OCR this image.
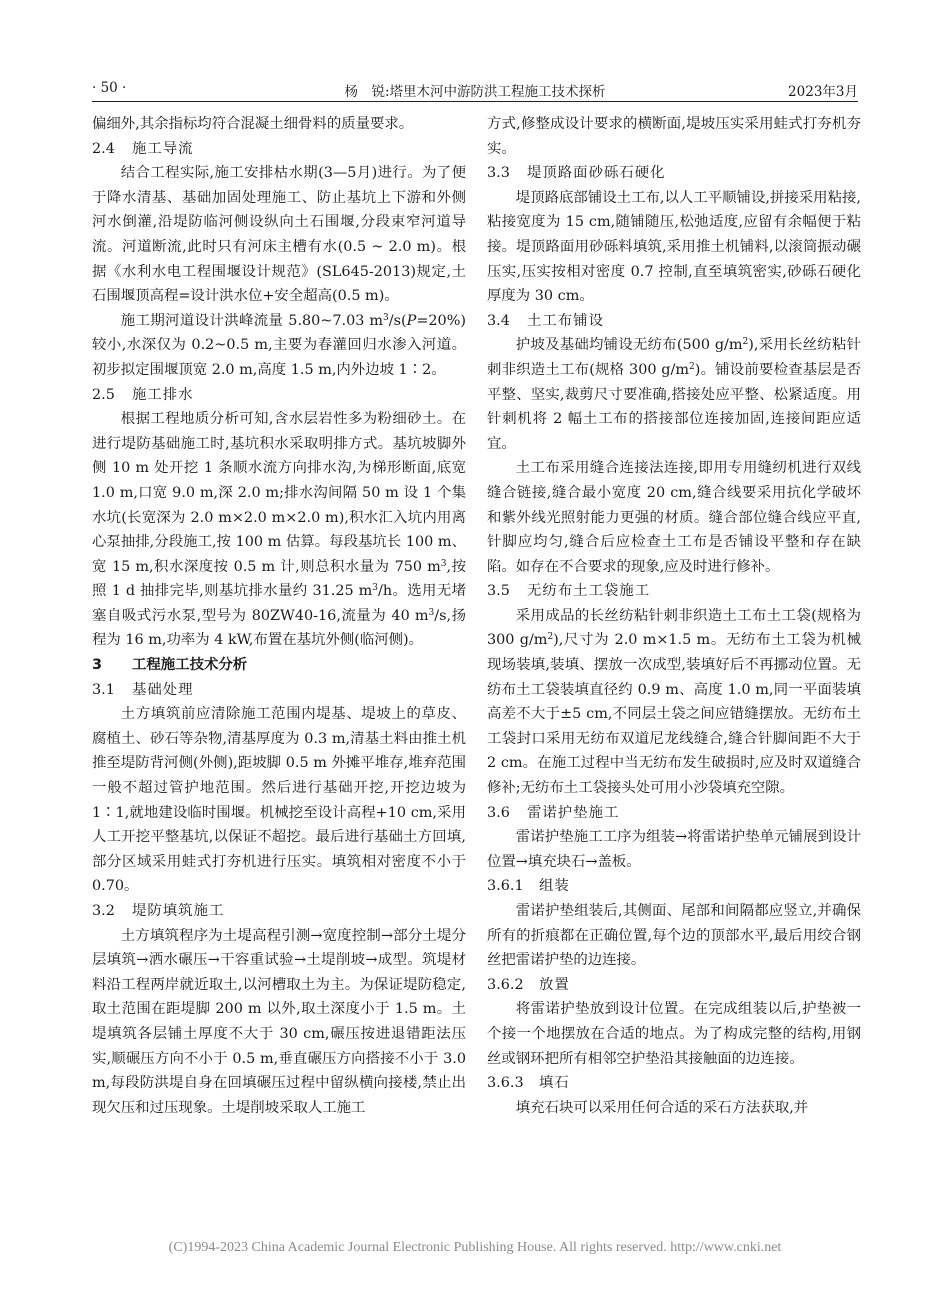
· 50 ·	杨　锐:塔里木河中游防洪工程施工技术探析	2023年3月

偏细外,其余指标均符合混凝土细骨料的质量要求。

2.4 施工导流

结合工程实际,施工安排枯水期(3—5月)进行。为了便于降水清基、基础加固处理施工、防止基坑上下游和外侧河水倒灌,沿堤防临河侧设纵向土石围堰,分段束窄河道导流。河道断流,此时只有河床主槽有水(0.5 ~ 2.0 m)。根据《水利水电工程围堰设计规范》(SL645-2013)规定,土石围堰顶高程=设计洪水位+安全超高(0.5 m)。

施工期河道设计洪峰流量 5.80~7.03 $m^3/s(P=20\%)$较小,水深仅为 0.2~0.5 m,主要为春灌回归水渗入河道。初步拟定围堰顶宽 2.0 m,高度 1.5 m,内外边坡 1∶2。

2.5 施工排水

根据工程地质分析可知,含水层岩性多为粉细砂土。在进行堤防基础施工时,基坑积水采取明排方式。基坑坡脚外侧 10 m 处开挖 1 条顺水流方向排水沟,为梯形断面,底宽 1.0 m,口宽 9.0 m,深 2.0 m;排水沟间隔 50 m 设 1 个集水坑(长宽深为 2.0 m×2.0 m×2.0 m),积水汇入坑内用离心泵抽排,分段施工,按 100 m 估算。每段基坑长 100 m、宽 15 m,积水深度按 0.5 m 计,则总积水量为 750 $m^3$,按照 1 d 抽排完毕,则基坑排水量约 31.25 $m^3/h$。选用无堵塞自吸式污水泵,型号为 80ZW40-16,流量为 40 $m^3/s$,扬程为 16 m,功率为 4 kW,布置在基坑外侧(临河侧)。

3 工程施工技术分析
3.1 基础处理

土方填筑前应清除施工范围内堤基、堤坡上的草皮、腐植土、砂石等杂物,清基厚度为 0.3 m,清基土料由推土机推至堤防背河侧(外侧),距坡脚 0.5 m 外摊平堆存,堆弃范围一般不超过管护地范围。然后进行基础开挖,开挖边坡为 1∶1,就地建设临时围堰。机械挖至设计高程+10 cm,采用人工开挖平整基坑,以保证不超挖。最后进行基础土方回填,部分区域采用蛙式打夯机进行压实。填筑相对密度不小于 0.70。

3.2 堤防填筑施工

土方填筑程序为土堤高程引测→宽度控制→部分土堤分层填筑→洒水碾压→干容重试验→土堤削坡→成型。筑堤材料沿工程两岸就近取土,以河槽取土为主。为保证堤防稳定,取土范围在距堤脚 200 m 以外,取土深度小于 1.5 m。土堤填筑各层铺土厚度不大于 30 cm,碾压按进退错距法压实,顺碾压方向不小于 0.5 m,垂直碾压方向搭接不小于 3.0 m,每段防洪堤自身在回填碾压过程中留纵横向接楼,禁止出现欠压和过压现象。土堤削坡采取人工施工

方式,修整成设计要求的横断面,堤坡压实采用蛙式打夯机夯实。

3.3 堤顶路面砂砾石硬化

堤顶路底部铺设土工布,以人工平顺铺设,拼接采用粘接,粘接宽度为 15 cm,随铺随压,松弛适度,应留有余幅便于粘接。堤顶路面用砂砾料填筑,采用推土机铺料,以滚筒振动碾压实,压实按相对密度 0.7 控制,直至填筑密实,砂砾石硬化厚度为 30 cm。

3.4 土工布铺设

护坡及基础均铺设无纺布(500 $g/m^2$),采用长丝纺粘针刺非织造土工布(规格 300 $g/m^2$)。铺设前要检查基层是否平整、坚实,裁剪尺寸要准确,搭接处应平整、松紧适度。用针刺机将 2 幅土工布的搭接部位连接加固,连接间距应适宜。

土工布采用缝合连接法连接,即用专用缝纫机进行双线缝合链接,缝合最小宽度 20 cm,缝合线要采用抗化学破坏和紫外线光照射能力更强的材质。缝合部位缝合线应平直,针脚应均匀,缝合后应检查土工布是否铺设平整和存在缺陷。如存在不合要求的现象,应及时进行修补。

3.5 无纺布土工袋施工

采用成品的长丝纺粘针刺非织造土工布土工袋(规格为 300 $g/m^2$),尺寸为 2.0 m×1.5 m。无纺布土工袋为机械现场装填,装填、摆放一次成型,装填好后不再挪动位置。无纺布土工袋装填直径约 0.9 m、高度 1.0 m,同一平面装填高差不大于±5 cm,不同层土袋之间应错缝摆放。无纺布土工袋封口采用无纺布双道尼龙线缝合,缝合针脚间距不大于 2 cm。在施工过程中当无纺布发生破损时,应及时双道缝合修补;无纺布土工袋接头处可用小沙袋填充空隙。

3.6 雷诺护垫施工

雷诺护垫施工工序为组装→将雷诺护垫单元铺展到设计位置→填充块石→盖板。

3.6.1 组装

雷诺护垫组装后,其侧面、尾部和间隔都应竖立,并确保所有的折痕都在正确位置,每个边的顶部水平,最后用绞合钢丝把雷诺护垫的边连接。

3.6.2 放置

将雷诺护垫放到设计位置。在完成组装以后,护垫被一个接一个地摆放在合适的地点。为了构成完整的结构,用钢丝或钢环把所有相邻空护垫沿其接触面的边连接。

3.6.3 填石

填充石块可以采用任何合适的采石方法获取,并

(C)1994-2023 China Academic Journal Electronic Publishing House. All rights reserved. http://www.cnki.net
